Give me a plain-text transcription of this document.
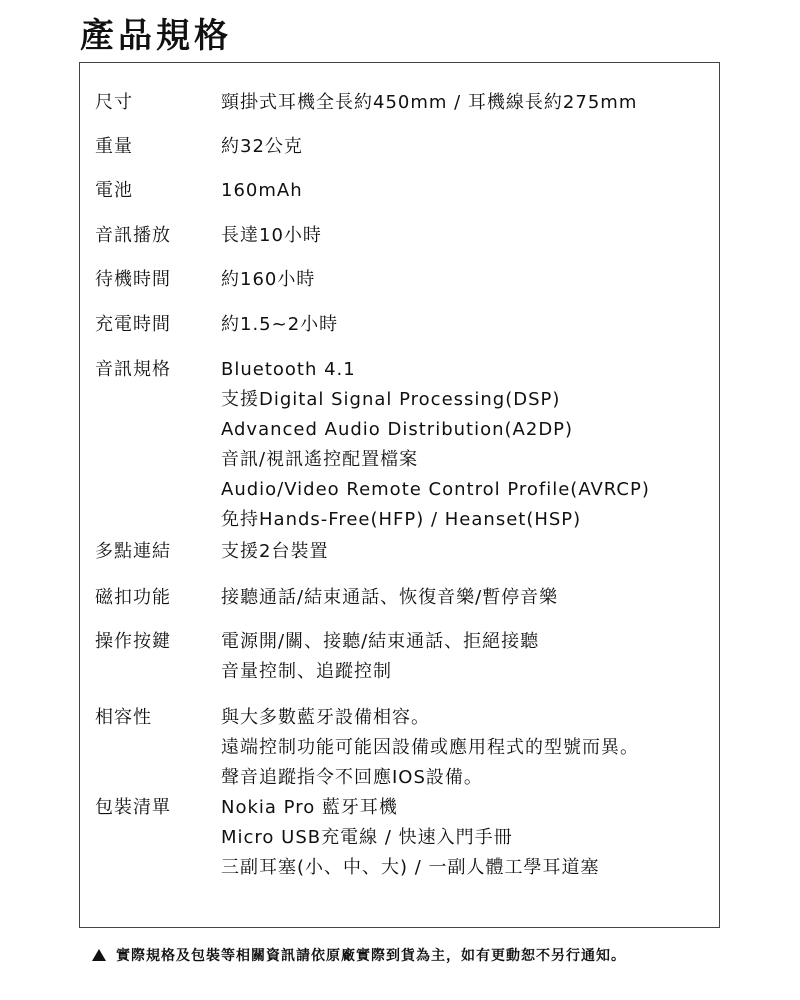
產品規格
尺寸	頸掛式耳機全長約450mm / 耳機線長約275mm
重量	約32公克
電池	160mAh
音訊播放	長達10小時
待機時間	約160小時
充電時間	約1.5~2小時
音訊規格	Bluetooth 4.1
支援Digital Signal Processing(DSP)
Advanced Audio Distribution(A2DP)
音訊/視訊遙控配置檔案
Audio/Video Remote Control Profile(AVRCP)
免持Hands-Free(HFP) / Heanset(HSP)
多點連結	支援2台裝置
磁扣功能	接聽通話/結束通話、恢復音樂/暫停音樂
操作按鍵	電源開/關、接聽/結束通話、拒絕接聽
音量控制、追蹤控制
相容性	與大多數藍牙設備相容。
遠端控制功能可能因設備或應用程式的型號而異。
聲音追蹤指令不回應IOS設備。
包裝清單	Nokia Pro 藍牙耳機
Micro USB充電線 / 快速入門手冊
三副耳塞(小、中、大) / 一副人體工學耳道塞
實際規格及包裝等相關資訊請依原廠實際到貨為主，如有更動恕不另行通知。
